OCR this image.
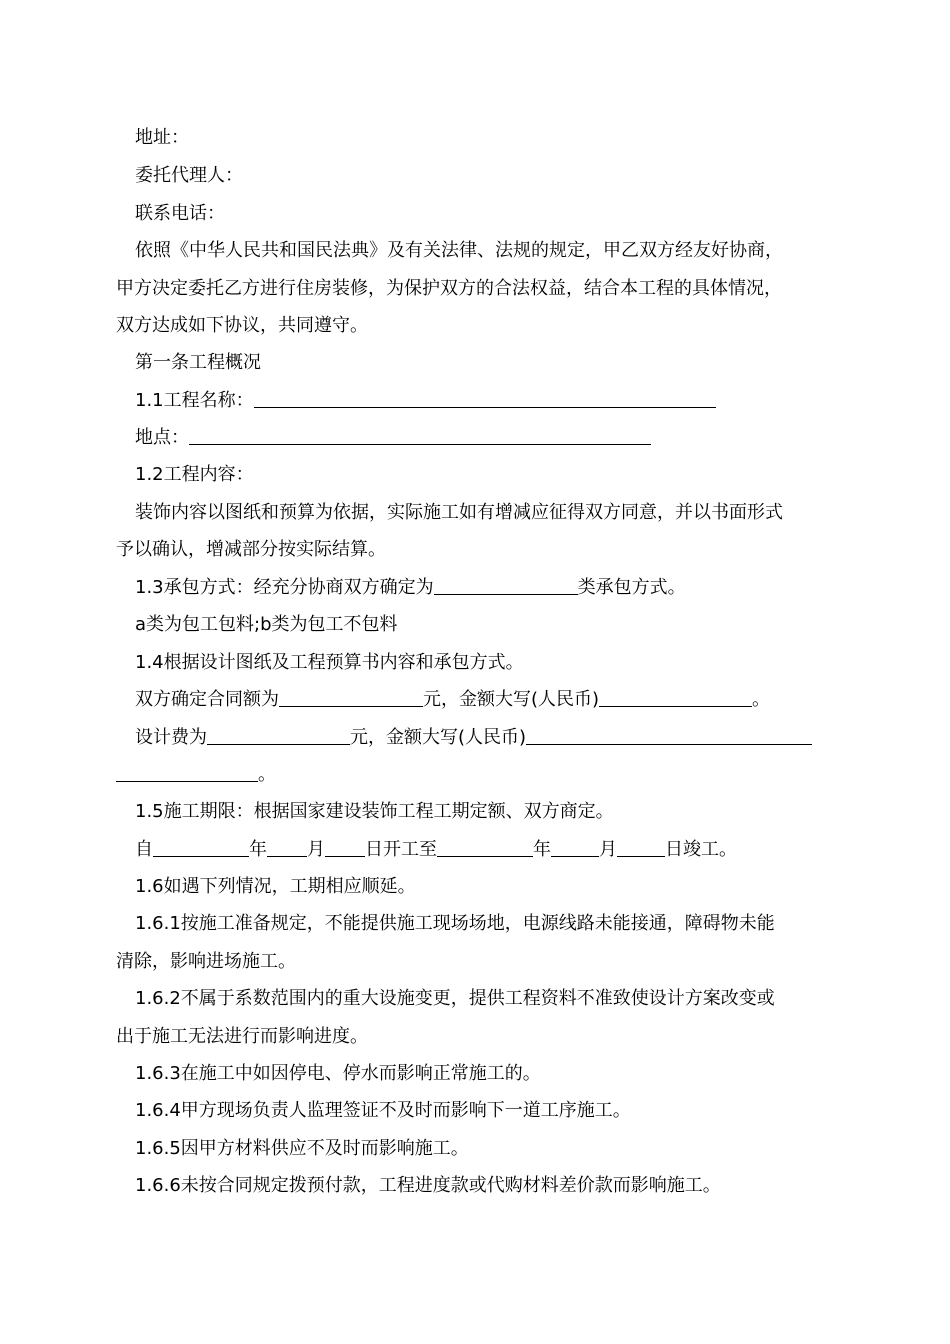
地址：
委托代理人：
联系电话：
依照《中华人民共和国民法典》及有关法律、法规的规定，甲乙双方经友好协商，
甲方决定委托乙方进行住房装修，为保护双方的合法权益，结合本工程的具体情况，
双方达成如下协议，共同遵守。
第一条工程概况
1.1工程名称：
地点：
1.2工程内容：
装饰内容以图纸和预算为依据，实际施工如有增减应征得双方同意，并以书面形式
予以确认，增减部分按实际结算。
1.3承包方式：经充分协商双方确定为	类承包方式。
a类为包工包料;b类为包工不包料
1.4根据设计图纸及工程预算书内容和承包方式。
双方确定合同额为	元，金额大写(人民币)	。
设计费为	元，金额大写(人民币)
。
1.5施工期限：根据国家建设装饰工程工期定额、双方商定。
自	年 月 日开工至	年	月	日竣工。
1.6如遇下列情况，工期相应顺延。
1.6.1按施工准备规定，不能提供施工现场场地，电源线路未能接通，障碍物未能
清除，影响进场施工。
1.6.2不属于系数范围内的重大设施变更，提供工程资料不准致使设计方案改变或
出于施工无法进行而影响进度。
1.6.3在施工中如因停电、停水而影响正常施工的。
1.6.4甲方现场负责人监理签证不及时而影响下一道工序施工。
1.6.5因甲方材料供应不及时而影响施工。
1.6.6未按合同规定拨预付款，工程进度款或代购材料差价款而影响施工。
